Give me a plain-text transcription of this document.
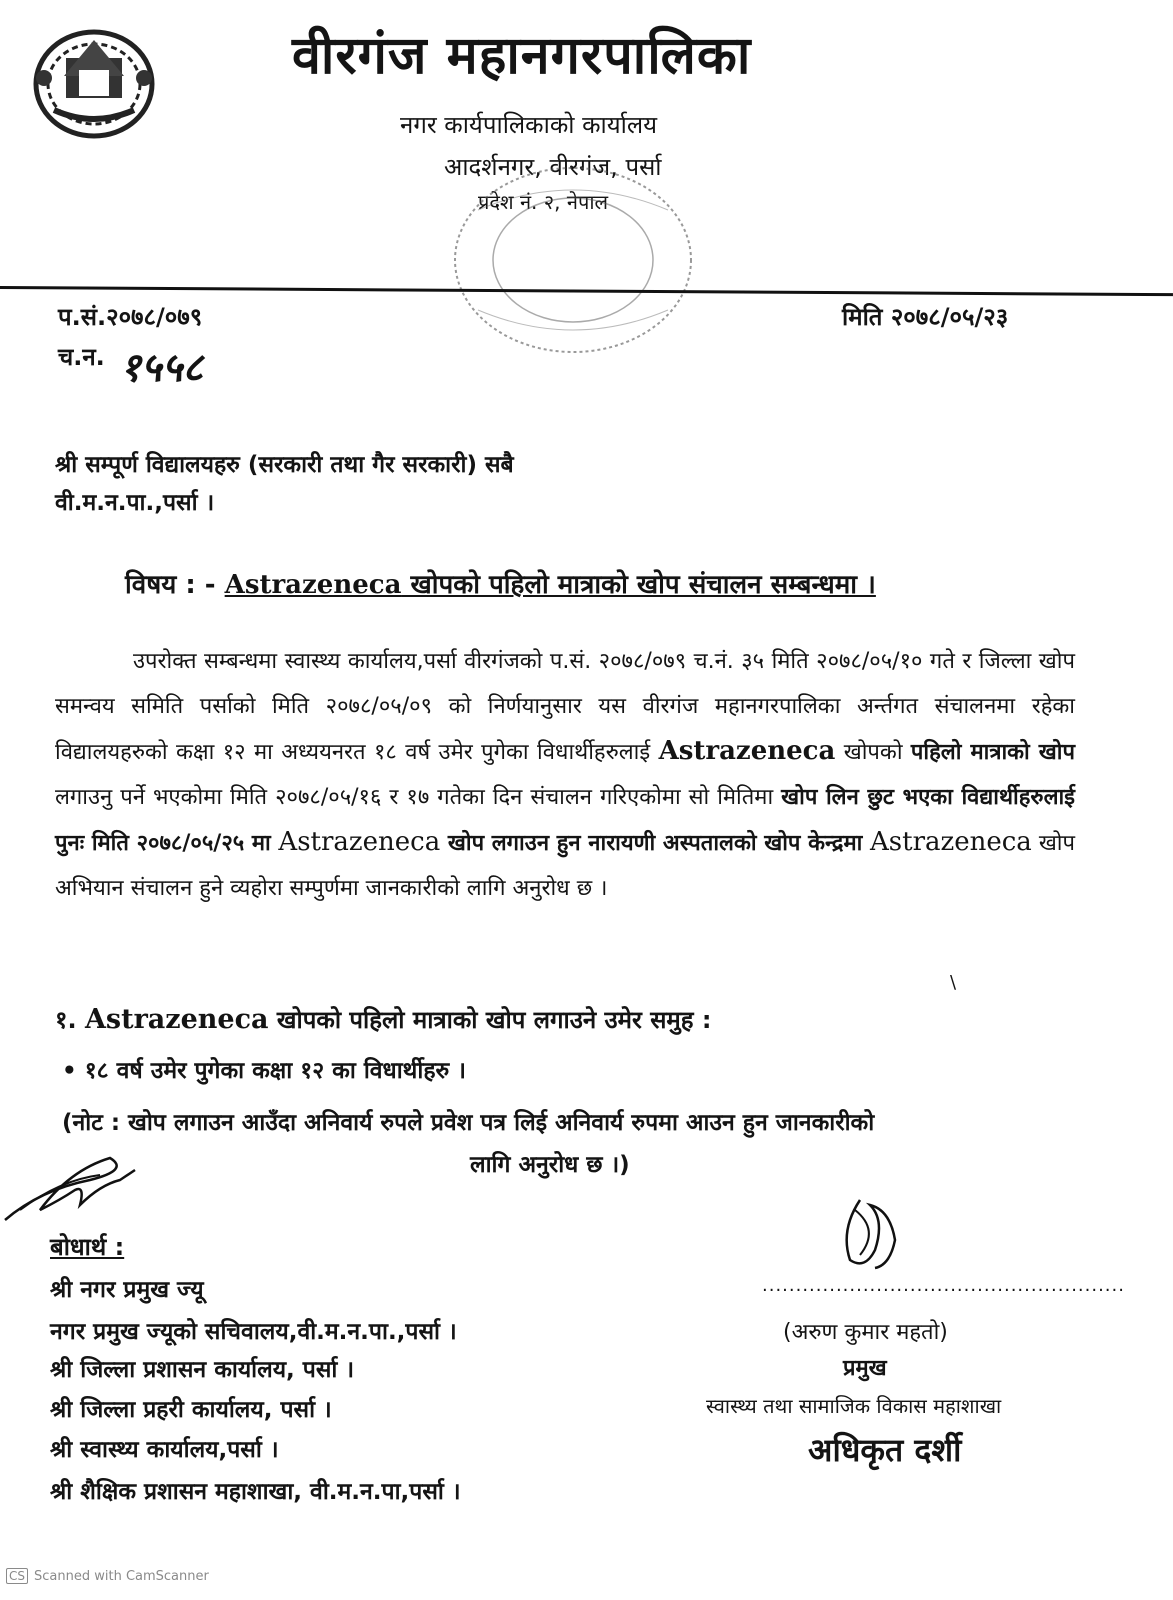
वीरगंज महानगरपालिका
नगर कार्यपालिकाको कार्यालय
आदर्शनगर, वीरगंज, पर्सा
प्रदेश नं. २, नेपाल
प.सं.२०७८/०७९
च.न. १५५८
मिति २०७८/०५/२३
श्री सम्पूर्ण विद्यालयहरु (सरकारी तथा गैर सरकारी) सबै
वी.म.न.पा.,पर्सा ।
विषय : - Astrazeneca खोपको पहिलो मात्राको खोप संचालन सम्बन्धमा ।
उपरोक्त सम्बन्धमा स्वास्थ्य कार्यालय,पर्सा वीरगंजको प.सं. २०७८/०७९ च.नं. ३५ मिति २०७८/०५/१० गते र जिल्ला खोप समन्वय समिति पर्साको मिति २०७८/०५/०९ को निर्णयानुसार यस वीरगंज महानगरपालिका अर्न्तगत संचालनमा रहेका विद्यालयहरुको कक्षा १२ मा अध्ययनरत १८ वर्ष उमेर पुगेका विधार्थीहरुलाई Astrazeneca खोपको पहिलो मात्राको खोप लगाउनु पर्ने भएकोमा मिति २०७८/०५/१६ र १७ गतेका दिन संचालन गरिएकोमा सो मितिमा खोप लिन छुट भएका विद्यार्थीहरुलाई पुनः मिति २०७८/०५/२५ मा Astrazeneca खोप लगाउन हुन नारायणी अस्पतालको खोप केन्द्रमा Astrazeneca खोप अभियान संचालन हुने व्यहोरा सम्पुर्णमा जानकारीको लागि अनुरोध छ ।
\
१. Astrazeneca खोपको पहिलो मात्राको खोप लगाउने उमेर समुह :
• १८ वर्ष उमेर पुगेका कक्षा १२ का विधार्थीहरु ।
(नोट : खोप लगाउन आउँदा अनिवार्य रुपले प्रवेश पत्र लिई अनिवार्य रुपमा आउन हुन जानकारीको
लागि अनुरोध छ ।)
बोधार्थ :
श्री नगर प्रमुख ज्यू
नगर प्रमुख ज्यूको सचिवालय,वी.म.न.पा.,पर्सा ।
श्री जिल्ला प्रशासन कार्यालय, पर्सा ।
श्री जिल्ला प्रहरी कार्यालय, पर्सा ।
श्री स्वास्थ्य कार्यालय,पर्सा ।
श्री शैक्षिक प्रशासन महाशाखा, वी.म.न.पा,पर्सा ।
......................................................
(अरुण कुमार महतो)
प्रमुख
स्वास्थ्य तथा सामाजिक विकास महाशाखा
अधिकृत दर्शी
CS Scanned with CamScanner
